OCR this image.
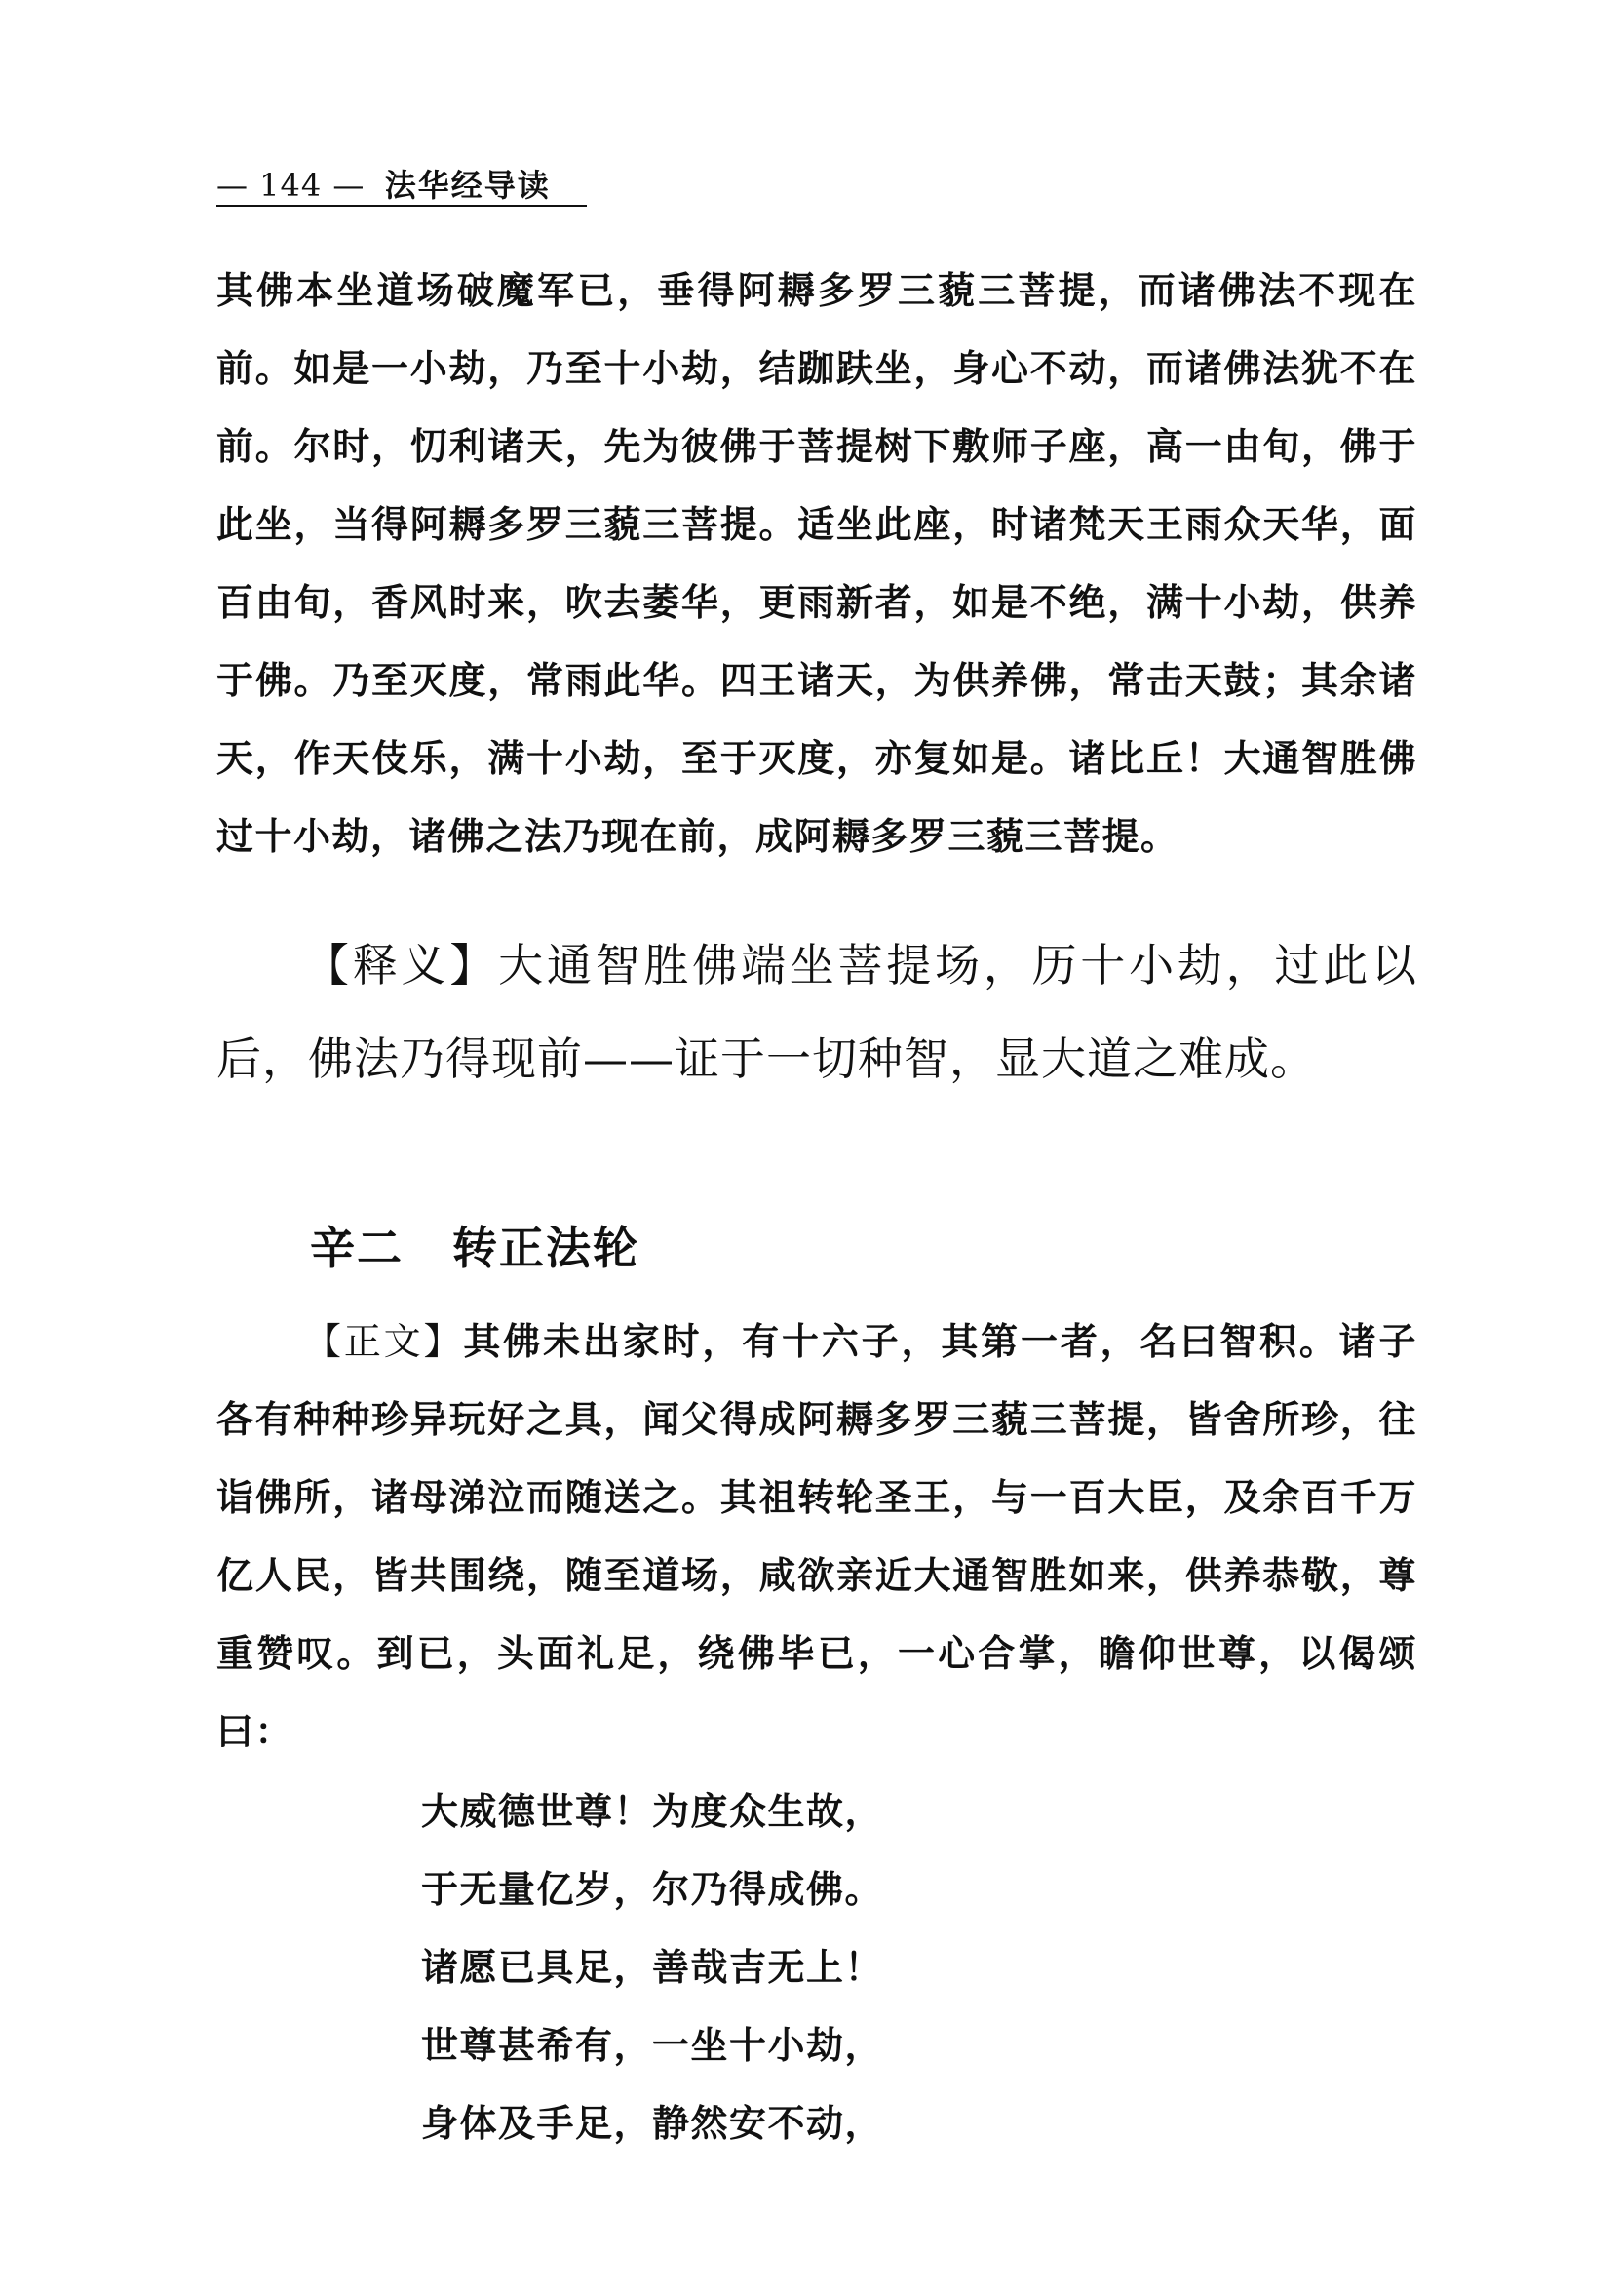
— 144 — 法华经导读

其佛本坐道场破魔军已，垂得阿耨多罗三藐三菩提，而诸佛法不现在前。如是一小劫，乃至十小劫，结跏趺坐，身心不动，而诸佛法犹不在前。尔时，忉利诸天，先为彼佛于菩提树下敷师子座，高一由旬，佛于此坐，当得阿耨多罗三藐三菩提。适坐此座，时诸梵天王雨众天华，面百由旬，香风时来，吹去萎华，更雨新者，如是不绝，满十小劫，供养于佛。乃至灭度，常雨此华。四王诸天，为供养佛，常击天鼓；其余诸天，作天伎乐，满十小劫，至于灭度，亦复如是。诸比丘！大通智胜佛过十小劫，诸佛之法乃现在前，成阿耨多罗三藐三菩提。

【释义】大通智胜佛端坐菩提场，历十小劫，过此以后，佛法乃得现前——证于一切种智，显大道之难成。

辛二 转正法轮

【正文】其佛未出家时，有十六子，其第一者，名曰智积。诸子各有种种珍异玩好之具，闻父得成阿耨多罗三藐三菩提，皆舍所珍，往诣佛所，诸母涕泣而随送之。其祖转轮圣王，与一百大臣，及余百千万亿人民，皆共围绕，随至道场，咸欲亲近大通智胜如来，供养恭敬，尊重赞叹。到已，头面礼足，绕佛毕已，一心合掌，瞻仰世尊，以偈颂曰：

大威德世尊！为度众生故，
于无量亿岁，尔乃得成佛。
诸愿已具足，善哉吉无上！
世尊甚希有，一坐十小劫，
身体及手足，静然安不动，
